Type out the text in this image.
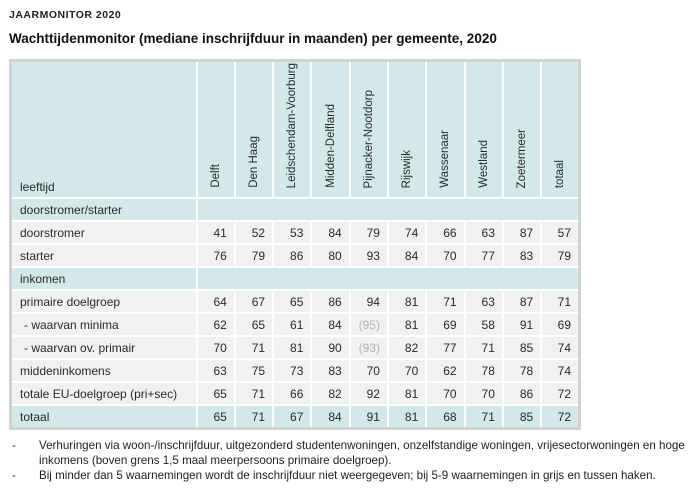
JAARMONITOR 2020
Wachttijdenmonitor (mediane inschrijfduur in maanden) per gemeente, 2020
leeftijd	Delft	Den Haag	Leidschendam-Voorburg	Midden-Delfland	Pijnacker-Nootdorp	Rijswijk	Wassenaar	Westland	Zoetermeer	totaal
doorstromer/starter										
doorstromer	41	52	53	84	79	74	66	63	87	57
starter	76	79	86	80	93	84	70	77	83	79
inkomen										
primaire doelgroep	64	67	65	86	94	81	71	63	87	71
- waarvan minima	62	65	61	84	(95)	81	69	58	91	69
- waarvan ov. primair	70	71	81	90	(93)	82	77	71	85	74
middeninkomens	63	75	73	83	70	70	62	78	78	74
totale EU-doelgroep (pri+sec)	65	71	66	82	92	81	70	70	86	72
totaal	65	71	67	84	91	81	68	71	85	72
-	Verhuringen via woon-/inschrijfduur, uitgezonderd studentenwoningen, onzelfstandige woningen, vrijesectorwoningen en hoge inkomens (boven grens 1,5 maal meerpersoons primaire doelgroep).
-	Bij minder dan 5 waarnemingen wordt de inschrijfduur niet weergegeven; bij 5-9 waarnemingen in grijs en tussen haken.
